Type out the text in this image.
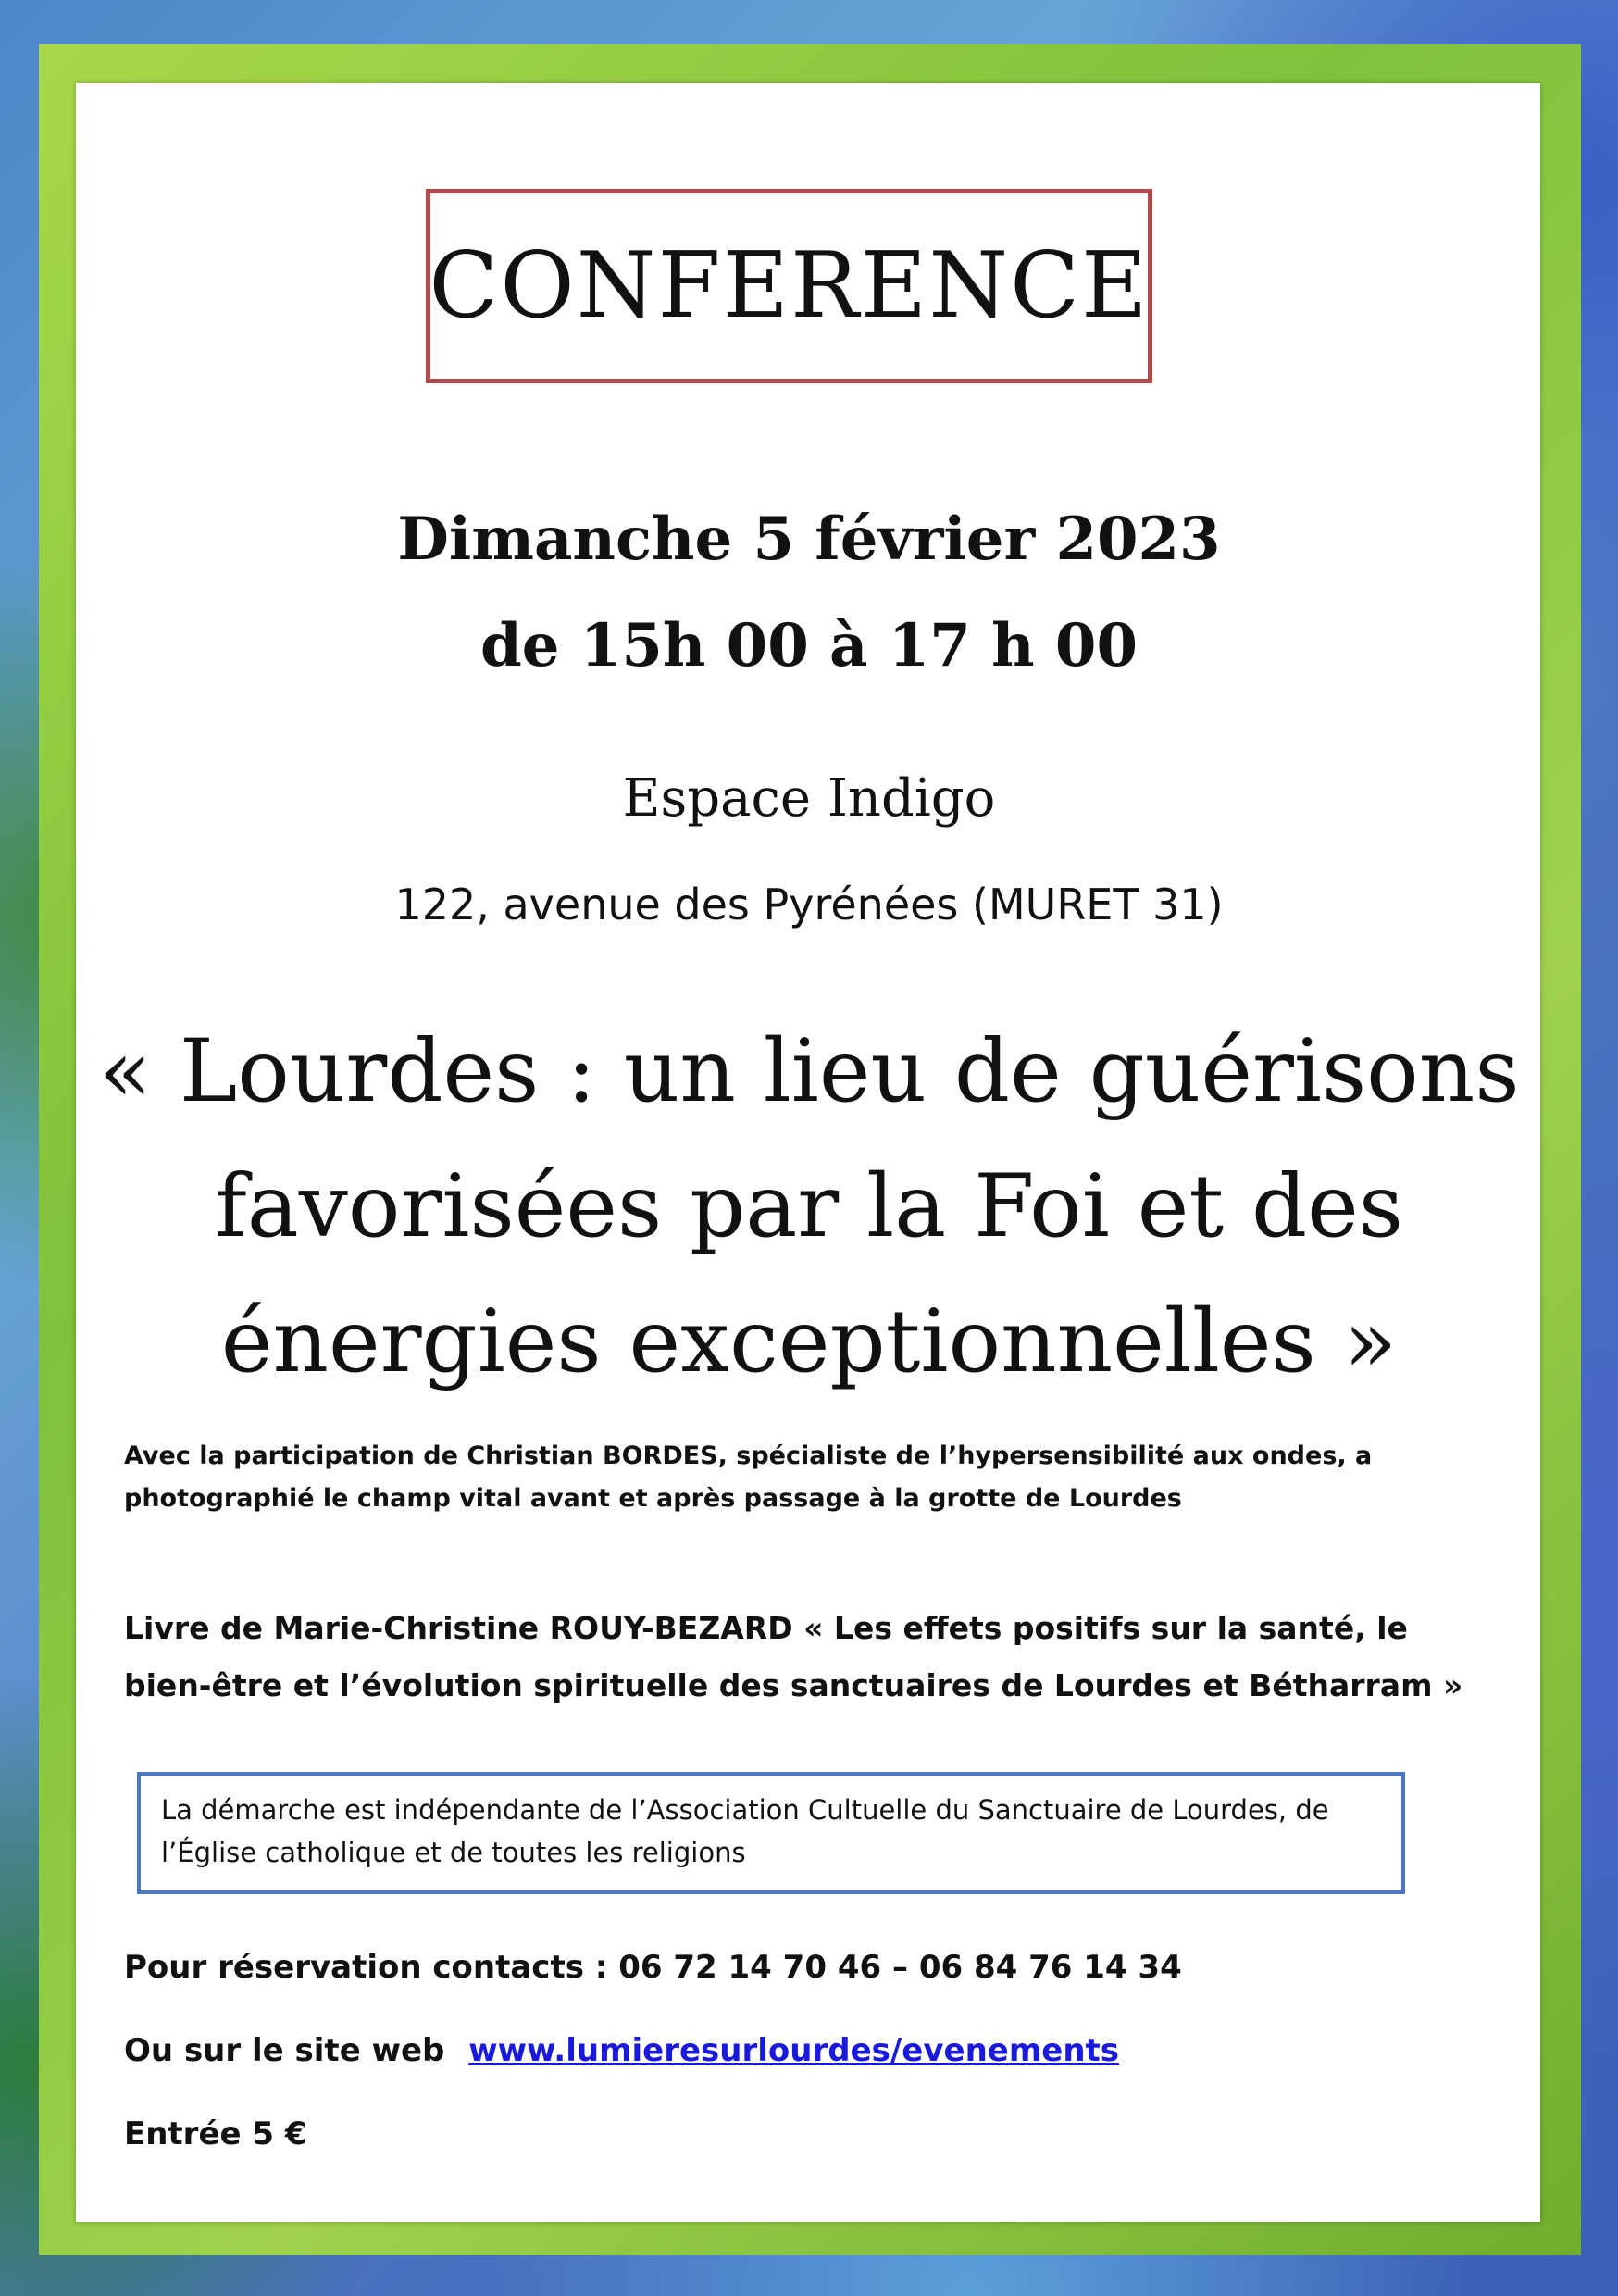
CONFERENCE
Dimanche 5 février 2023
de 15h 00 à 17 h 00
Espace Indigo
122, avenue des Pyrénées (MURET 31)
« Lourdes : un lieu de guérisons favorisées par la Foi et des énergies exceptionnelles »
Avec la participation de Christian BORDES, spécialiste de l’hypersensibilité aux ondes, a photographié le champ vital avant et après passage à la grotte de Lourdes
Livre de Marie-Christine ROUY-BEZARD « Les effets positifs sur la santé, le bien-être et l’évolution spirituelle des sanctuaires de Lourdes et Bétharram »
La démarche est indépendante de l’Association Cultuelle du Sanctuaire de Lourdes, de l’Église catholique et de toutes les religions
Pour réservation contacts : 06 72 14 70 46 – 06 84 76 14 34
Ou sur le site web www.lumieresurlourdes/evenements
Entrée 5 €
